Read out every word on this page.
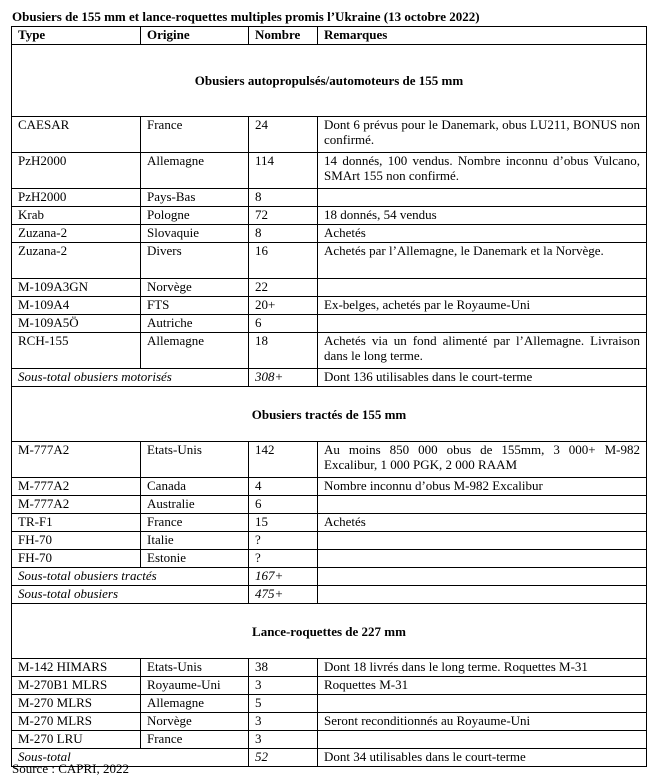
Obusiers de 155 mm et lance-roquettes multiples promis l’Ukraine (13 octobre 2022)
Type	Origine	Nombre	Remarques
Obusiers autopropulsés/automoteurs de 155 mm			
CAESAR	France	24	Dont 6 prévus pour le Danemark, obus LU211, BONUS non confirmé.
PzH2000	Allemagne	114	14 donnés, 100 vendus. Nombre inconnu d’obus Vulcano, SMArt 155 non confirmé.
PzH2000	Pays-Bas	8	
Krab	Pologne	72	18 donnés, 54 vendus
Zuzana-2	Slovaquie	8	Achetés
Zuzana-2	Divers	16	Achetés par l’Allemagne, le Danemark et la Norvège.
M-109A3GN	Norvège	22	
M-109A4	FTS	20+	Ex-belges, achetés par le Royaume-Uni
M-109A5Ö	Autriche	6	
RCH-155	Allemagne	18	Achetés via un fond alimenté par l’Allemagne. Livraison dans le long terme.
Sous-total obusiers motorisés		308+	Dont 136 utilisables dans le court-terme
Obusiers tractés de 155 mm			
M-777A2	Etats-Unis	142	Au moins 850 000 obus de 155mm, 3 000+ M-982 Excalibur, 1 000 PGK, 2 000 RAAM
M-777A2	Canada	4	Nombre inconnu d’obus M-982 Excalibur
M-777A2	Australie	6	
TR-F1	France	15	Achetés
FH-70	Italie	?	
FH-70	Estonie	?	
Sous-total obusiers tractés		167+	
Sous-total obusiers		475+	
Lance-roquettes de 227 mm			
M-142 HIMARS	Etats-Unis	38	Dont 18 livrés dans le long terme. Roquettes M-31
M-270B1 MLRS	Royaume-Uni	3	Roquettes M-31
M-270 MLRS	Allemagne	5	
M-270 MLRS	Norvège	3	Seront reconditionnés au Royaume-Uni
M-270 LRU	France	3	
Sous-total		52	Dont 34 utilisables dans le court-terme
Source : CAPRI, 2022
